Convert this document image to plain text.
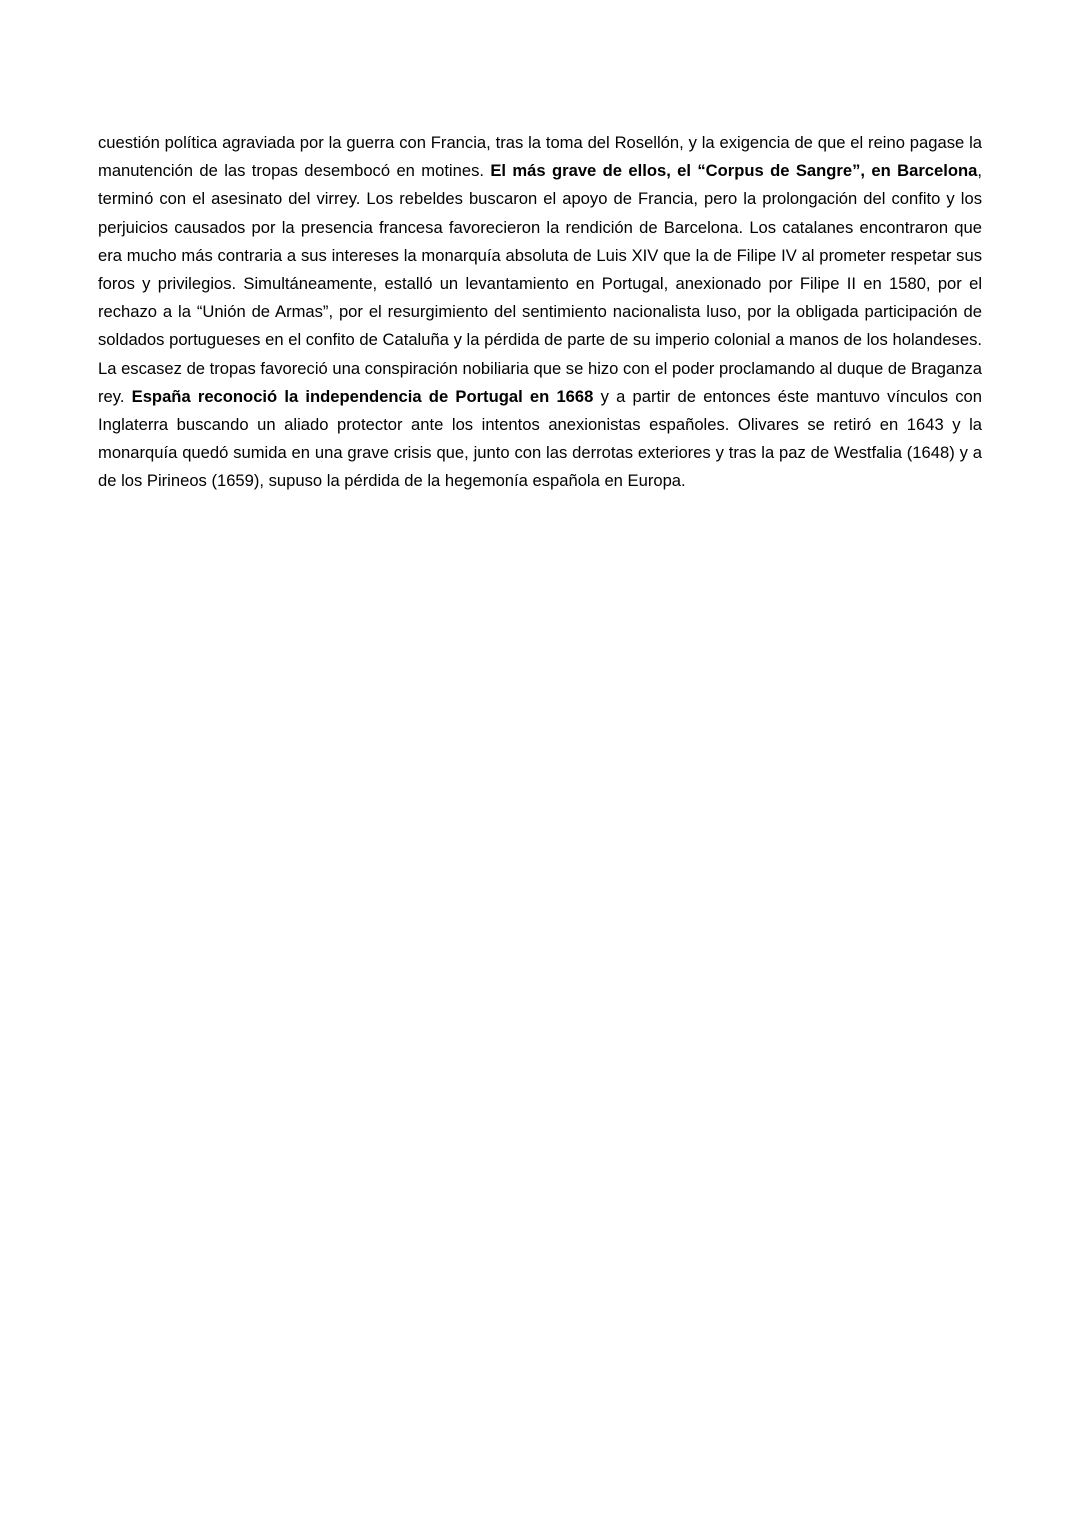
cuestión política agraviada por la guerra con Francia, tras la toma del Rosellón, y la exigencia de que el reino pagase la manutención de las tropas desembocó en motines. El más grave de ellos, el “Corpus de Sangre”, en Barcelona, terminó con el asesinato del virrey. Los rebeldes buscaron el apoyo de Francia, pero la prolongación del confito y los perjuicios causados por la presencia francesa favorecieron la rendición de Barcelona. Los catalanes encontraron que era mucho más contraria a sus intereses la monarquía absoluta de Luis XIV que la de Filipe IV al prometer respetar sus foros y privilegios. Simultáneamente, estalló un levantamiento en Portugal, anexionado por Filipe II en 1580, por el rechazo a la “Unión de Armas”, por el resurgimiento del sentimiento nacionalista luso, por la obligada participación de soldados portugueses en el confito de Cataluña y la pérdida de parte de su imperio colonial a manos de los holandeses. La escasez de tropas favoreció una conspiración nobiliaria que se hizo con el poder proclamando al duque de Braganza rey. España reconoció la independencia de Portugal en 1668 y a partir de entonces éste mantuvo vínculos con Inglaterra buscando un aliado protector ante los intentos anexionistas españoles. Olivares se retiró en 1643 y la monarquía quedó sumida en una grave crisis que, junto con las derrotas exteriores y tras la paz de Westfalia (1648) y a de los Pirineos (1659), supuso la pérdida de la hegemonía española en Europa.
